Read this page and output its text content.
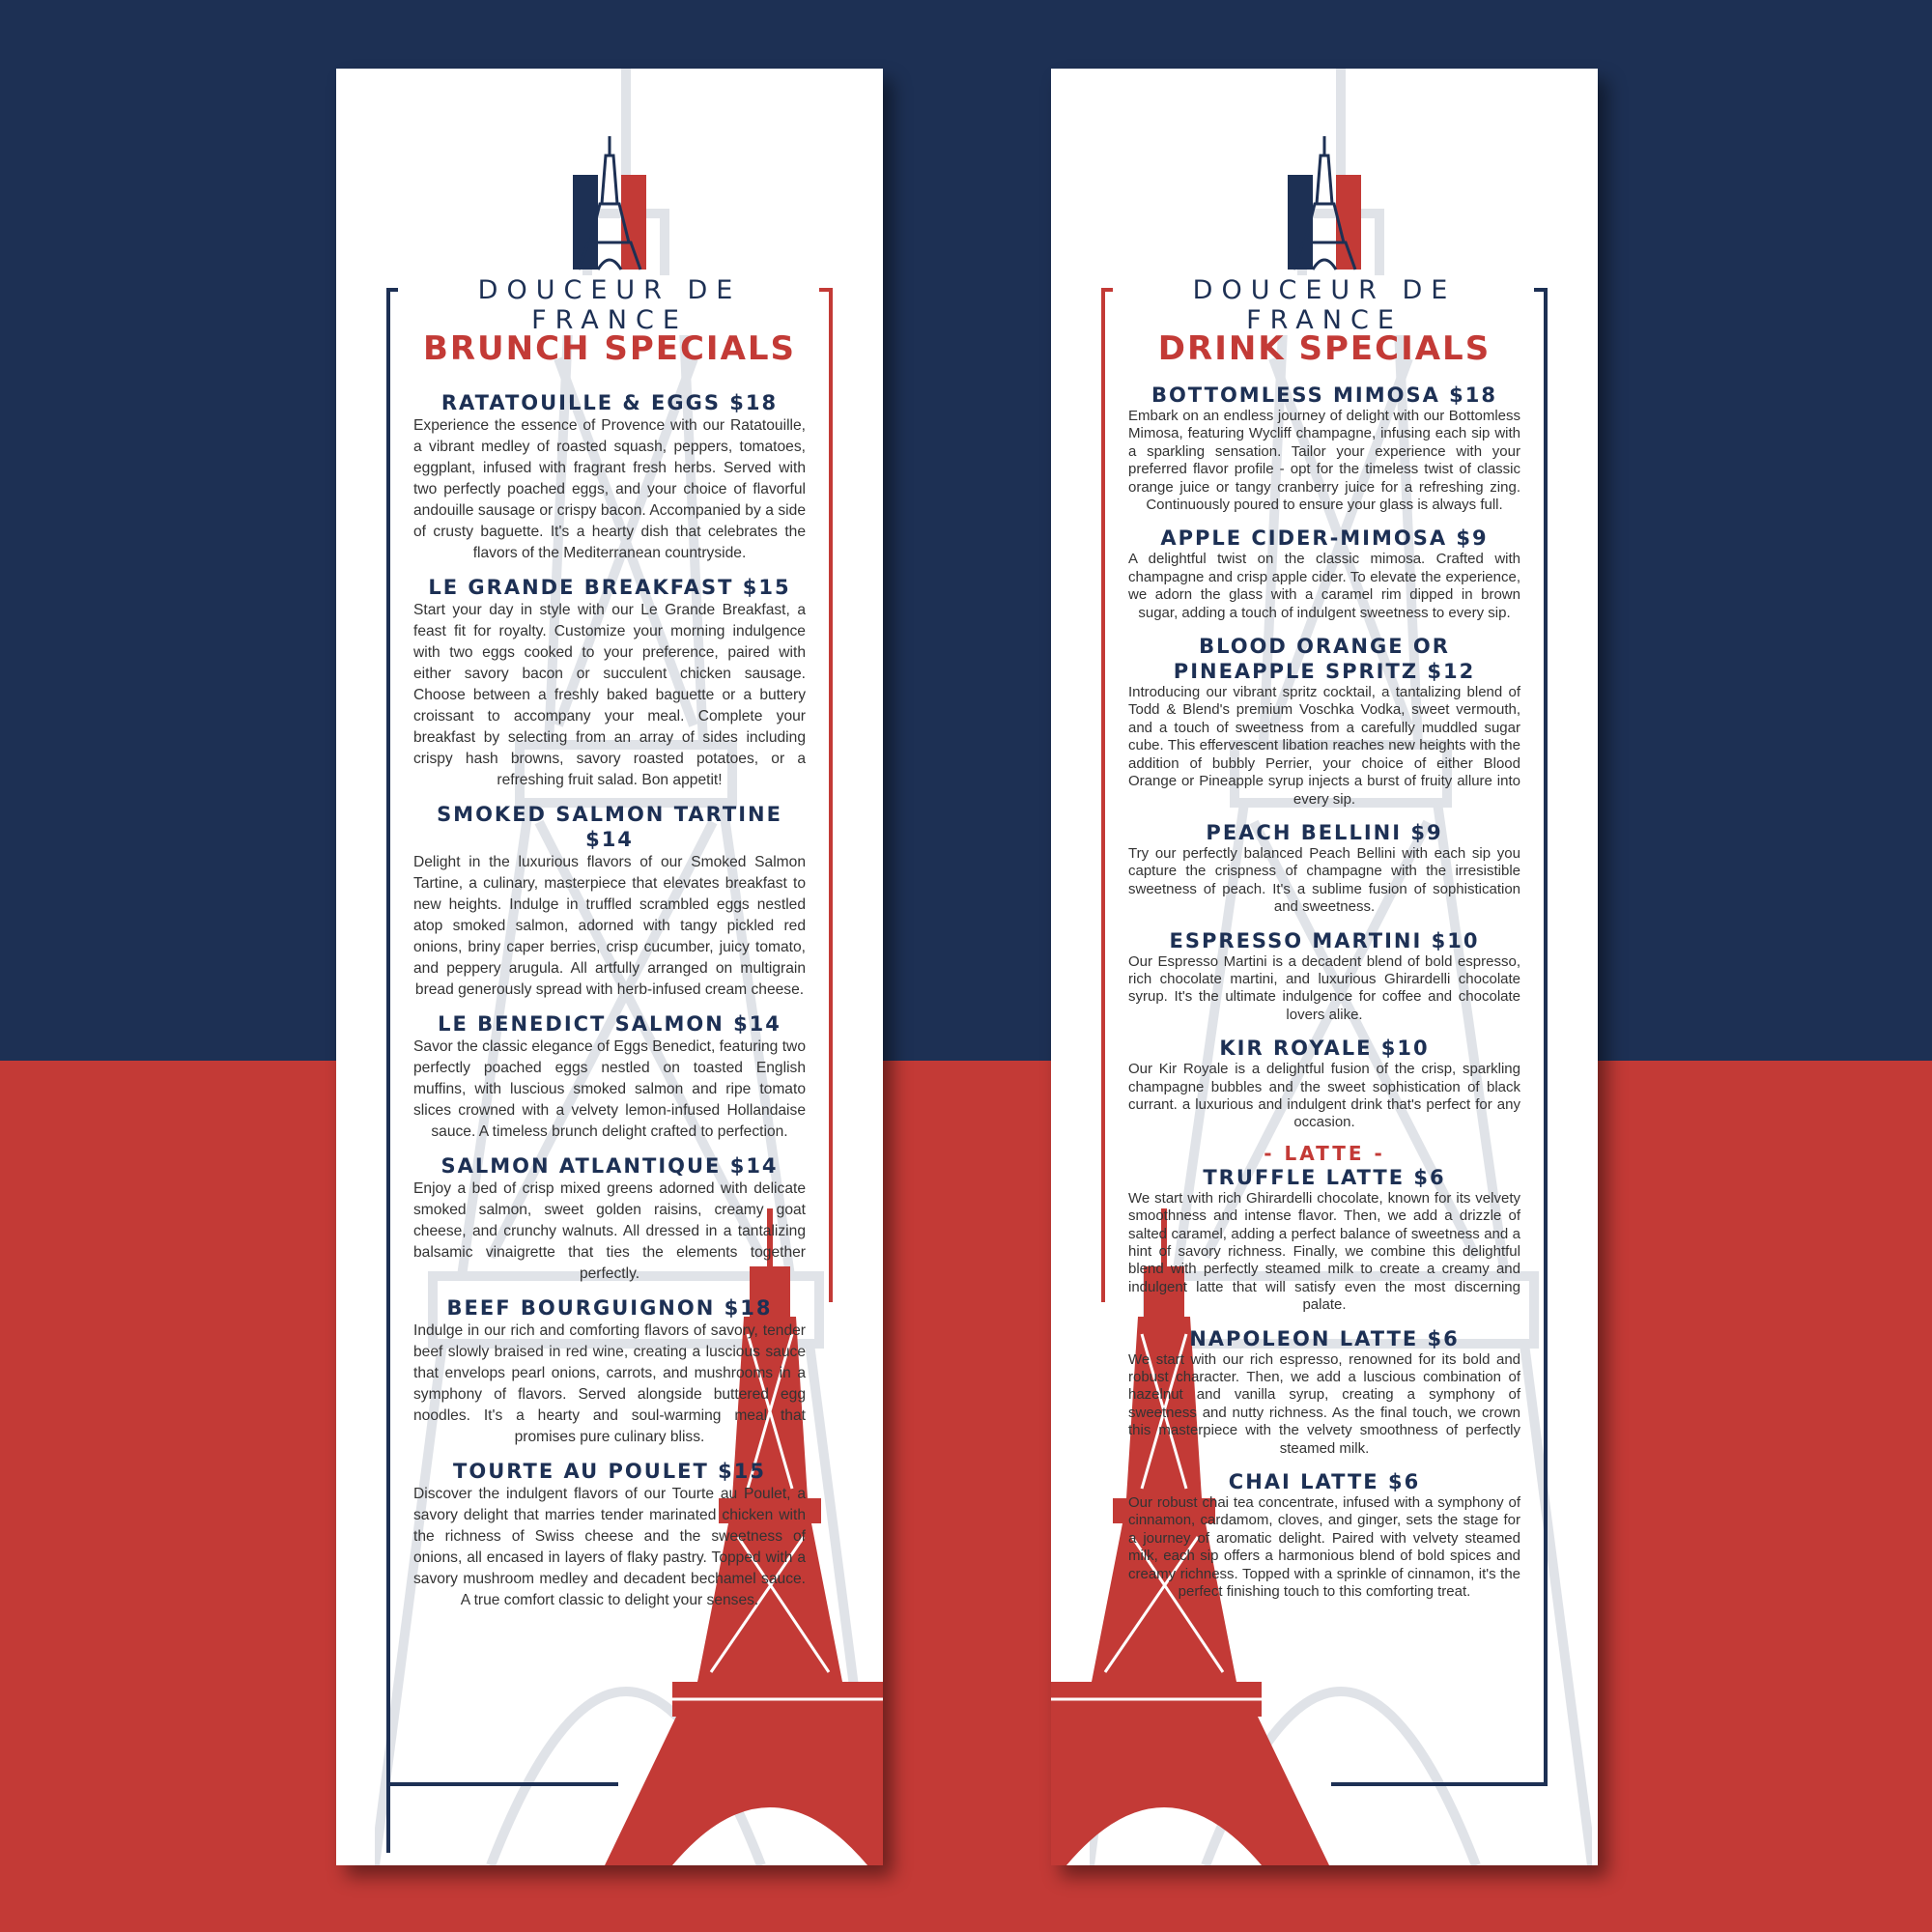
DOUCEUR DE FRANCE
BRUNCH SPECIALS
RATATOUILLE & EGGS $18
Experience the essence of Provence with our Ratatouille, a vibrant medley of roasted squash, peppers, tomatoes, eggplant, infused with fragrant fresh herbs. Served with two perfectly poached eggs, and your choice of flavorful andouille sausage or crispy bacon. Accompanied by a side of crusty baguette. It's a hearty dish that celebrates the flavors of the Mediterranean countryside.
LE GRANDE BREAKFAST $15
Start your day in style with our Le Grande Breakfast, a feast fit for royalty. Customize your morning indulgence with two eggs cooked to your preference, paired with either savory bacon or succulent chicken sausage. Choose between a freshly baked baguette or a buttery croissant to accompany your meal. Complete your breakfast by selecting from an array of sides including crispy hash browns, savory roasted potatoes, or a refreshing fruit salad. Bon appetit!
SMOKED SALMON TARTINE $14
Delight in the luxurious flavors of our Smoked Salmon Tartine, a culinary, masterpiece that elevates breakfast to new heights. Indulge in truffled scrambled eggs nestled atop smoked salmon, adorned with tangy pickled red onions, briny caper berries, crisp cucumber, juicy tomato, and peppery arugula. All artfully arranged on multigrain bread generously spread with herb-infused cream cheese.
LE BENEDICT SALMON $14
Savor the classic elegance of Eggs Benedict, featuring two perfectly poached eggs nestled on toasted English muffins, with luscious smoked salmon and ripe tomato slices crowned with a velvety lemon-infused Hollandaise sauce. A timeless brunch delight crafted to perfection.
SALMON ATLANTIQUE $14
Enjoy a bed of crisp mixed greens adorned with delicate smoked salmon, sweet golden raisins, creamy goat cheese, and crunchy walnuts. All dressed in a tantalizing balsamic vinaigrette that ties the elements together perfectly.
BEEF BOURGUIGNON $18
Indulge in our rich and comforting flavors of savory, tender beef slowly braised in red wine, creating a luscious sauce that envelops pearl onions, carrots, and mushrooms in a symphony of flavors. Served alongside buttered egg noodles. It's a hearty and soul-warming meal that promises pure culinary bliss.
TOURTE AU POULET $15
Discover the indulgent flavors of our Tourte au Poulet, a savory delight that marries tender marinated chicken with the richness of Swiss cheese and the sweetness of onions, all encased in layers of flaky pastry. Topped with a savory mushroom medley and decadent bechamel sauce. A true comfort classic to delight your senses.
DOUCEUR DE FRANCE
DRINK SPECIALS
BOTTOMLESS MIMOSA $18
Embark on an endless journey of delight with our Bottomless Mimosa, featuring Wycliff champagne, infusing each sip with a sparkling sensation. Tailor your experience with your preferred flavor profile - opt for the timeless twist of classic orange juice or tangy cranberry juice for a refreshing zing. Continuously poured to ensure your glass is always full.
APPLE CIDER-MIMOSA $9
A delightful twist on the classic mimosa. Crafted with champagne and crisp apple cider. To elevate the experience, we adorn the glass with a caramel rim dipped in brown sugar, adding a touch of indulgent sweetness to every sip.
BLOOD ORANGE OR PINEAPPLE SPRITZ $12
Introducing our vibrant spritz cocktail, a tantalizing blend of Todd & Blend's premium Voschka Vodka, sweet vermouth, and a touch of sweetness from a carefully muddled sugar cube. This effervescent libation reaches new heights with the addition of bubbly Perrier, your choice of either Blood Orange or Pineapple syrup injects a burst of fruity allure into every sip.
PEACH BELLINI $9
Try our perfectly balanced Peach Bellini with each sip you capture the crispness of champagne with the irresistible sweetness of peach. It's a sublime fusion of sophistication and sweetness.
ESPRESSO MARTINI $10
Our Espresso Martini is a decadent blend of bold espresso, rich chocolate martini, and luxurious Ghirardelli chocolate syrup. It's the ultimate indulgence for coffee and chocolate lovers alike.
KIR ROYALE $10
Our Kir Royale is a delightful fusion of the crisp, sparkling champagne bubbles and the sweet sophistication of black currant. a luxurious and indulgent drink that's perfect for any occasion.
- LATTE -
TRUFFLE LATTE $6
We start with rich Ghirardelli chocolate, known for its velvety smoothness and intense flavor. Then, we add a drizzle of salted caramel, adding a perfect balance of sweetness and a hint of savory richness. Finally, we combine this delightful blend with perfectly steamed milk to create a creamy and indulgent latte that will satisfy even the most discerning palate.
NAPOLEON LATTE $6
We start with our rich espresso, renowned for its bold and robust character. Then, we add a luscious combination of hazelnut and vanilla syrup, creating a symphony of sweetness and nutty richness. As the final touch, we crown this masterpiece with the velvety smoothness of perfectly steamed milk.
CHAI LATTE $6
Our robust chai tea concentrate, infused with a symphony of cinnamon, cardamom, cloves, and ginger, sets the stage for a journey of aromatic delight. Paired with velvety steamed milk, each sip offers a harmonious blend of bold spices and creamy richness. Topped with a sprinkle of cinnamon, it's the perfect finishing touch to this comforting treat.
